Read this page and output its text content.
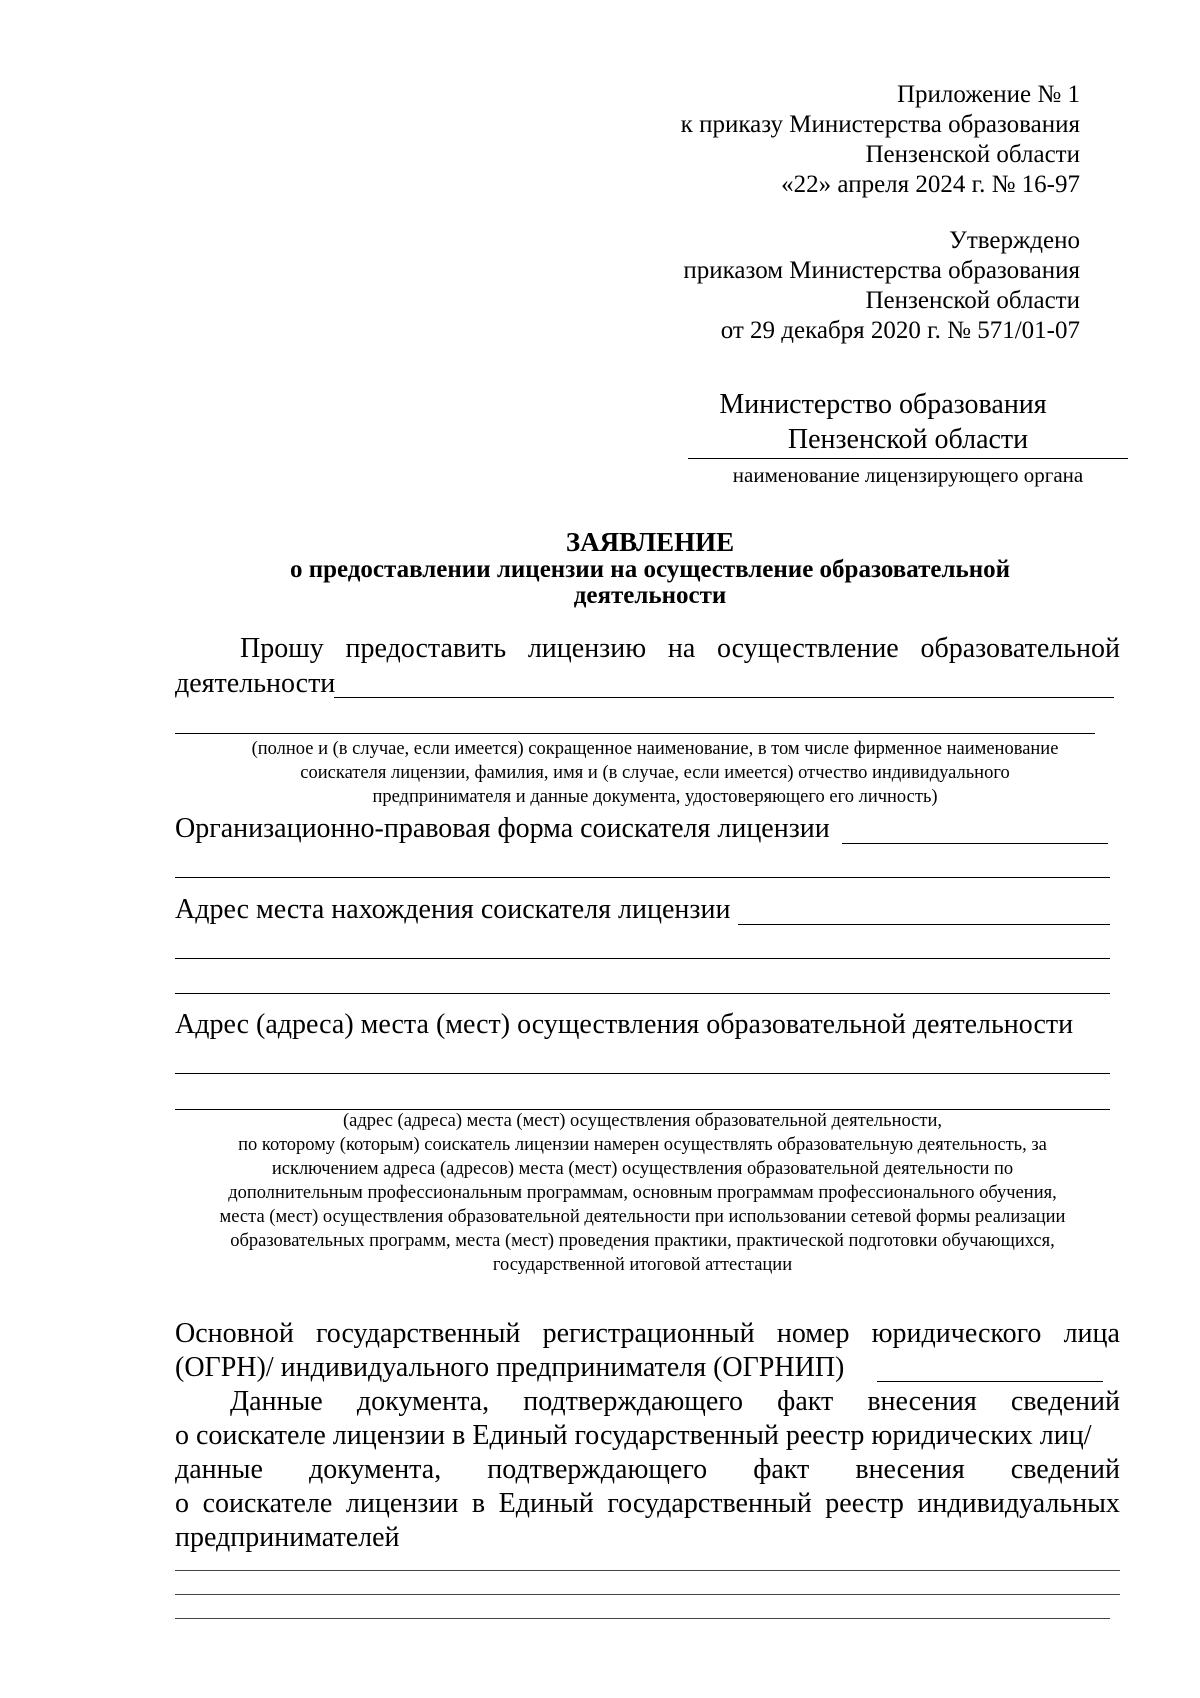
Приложение № 1
к приказу Министерства образования
Пензенской области
«22» апреля 2024 г. № 16-97
Утверждено
приказом Министерства образования
Пензенской области
от 29 декабря 2020 г. № 571/01-07
Министерство образования
Пензенской области
наименование лицензирующего органа
ЗАЯВЛЕНИЕ
о предоставлении лицензии на осуществление образовательной
деятельности
Прошу предоставить лицензию на осуществление образовательной
деятельности
(полное и (в случае, если имеется) сокращенное наименование, в том числе фирменное наименование
соискателя лицензии, фамилия, имя и (в случае, если имеется) отчество индивидуального
предпринимателя и данные документа, удостоверяющего его личность)
Организационно-правовая форма соискателя лицензии
Адрес места нахождения соискателя лицензии
Адрес (адреса) места (мест) осуществления образовательной деятельности
(адрес (адреса) места (мест) осуществления образовательной деятельности,
по которому (которым) соискатель лицензии намерен осуществлять образовательную деятельность, за
исключением адреса (адресов) места (мест) осуществления образовательной деятельности по
дополнительным профессиональным программам, основным программам профессионального обучения,
места (мест) осуществления образовательной деятельности при использовании сетевой формы реализации
образовательных программ, места (мест) проведения практики, практической подготовки обучающихся,
государственной итоговой аттестации
Основной государственный регистрационный номер юридического лица
(ОГРН)/ индивидуального предпринимателя (ОГРНИП)
Данные документа, подтверждающего факт внесения сведений
о соискателе лицензии в Единый государственный реестр юридических лиц/
данные документа, подтверждающего факт внесения сведений
о соискателе лицензии в Единый государственный реестр индивидуальных
предпринимателей
